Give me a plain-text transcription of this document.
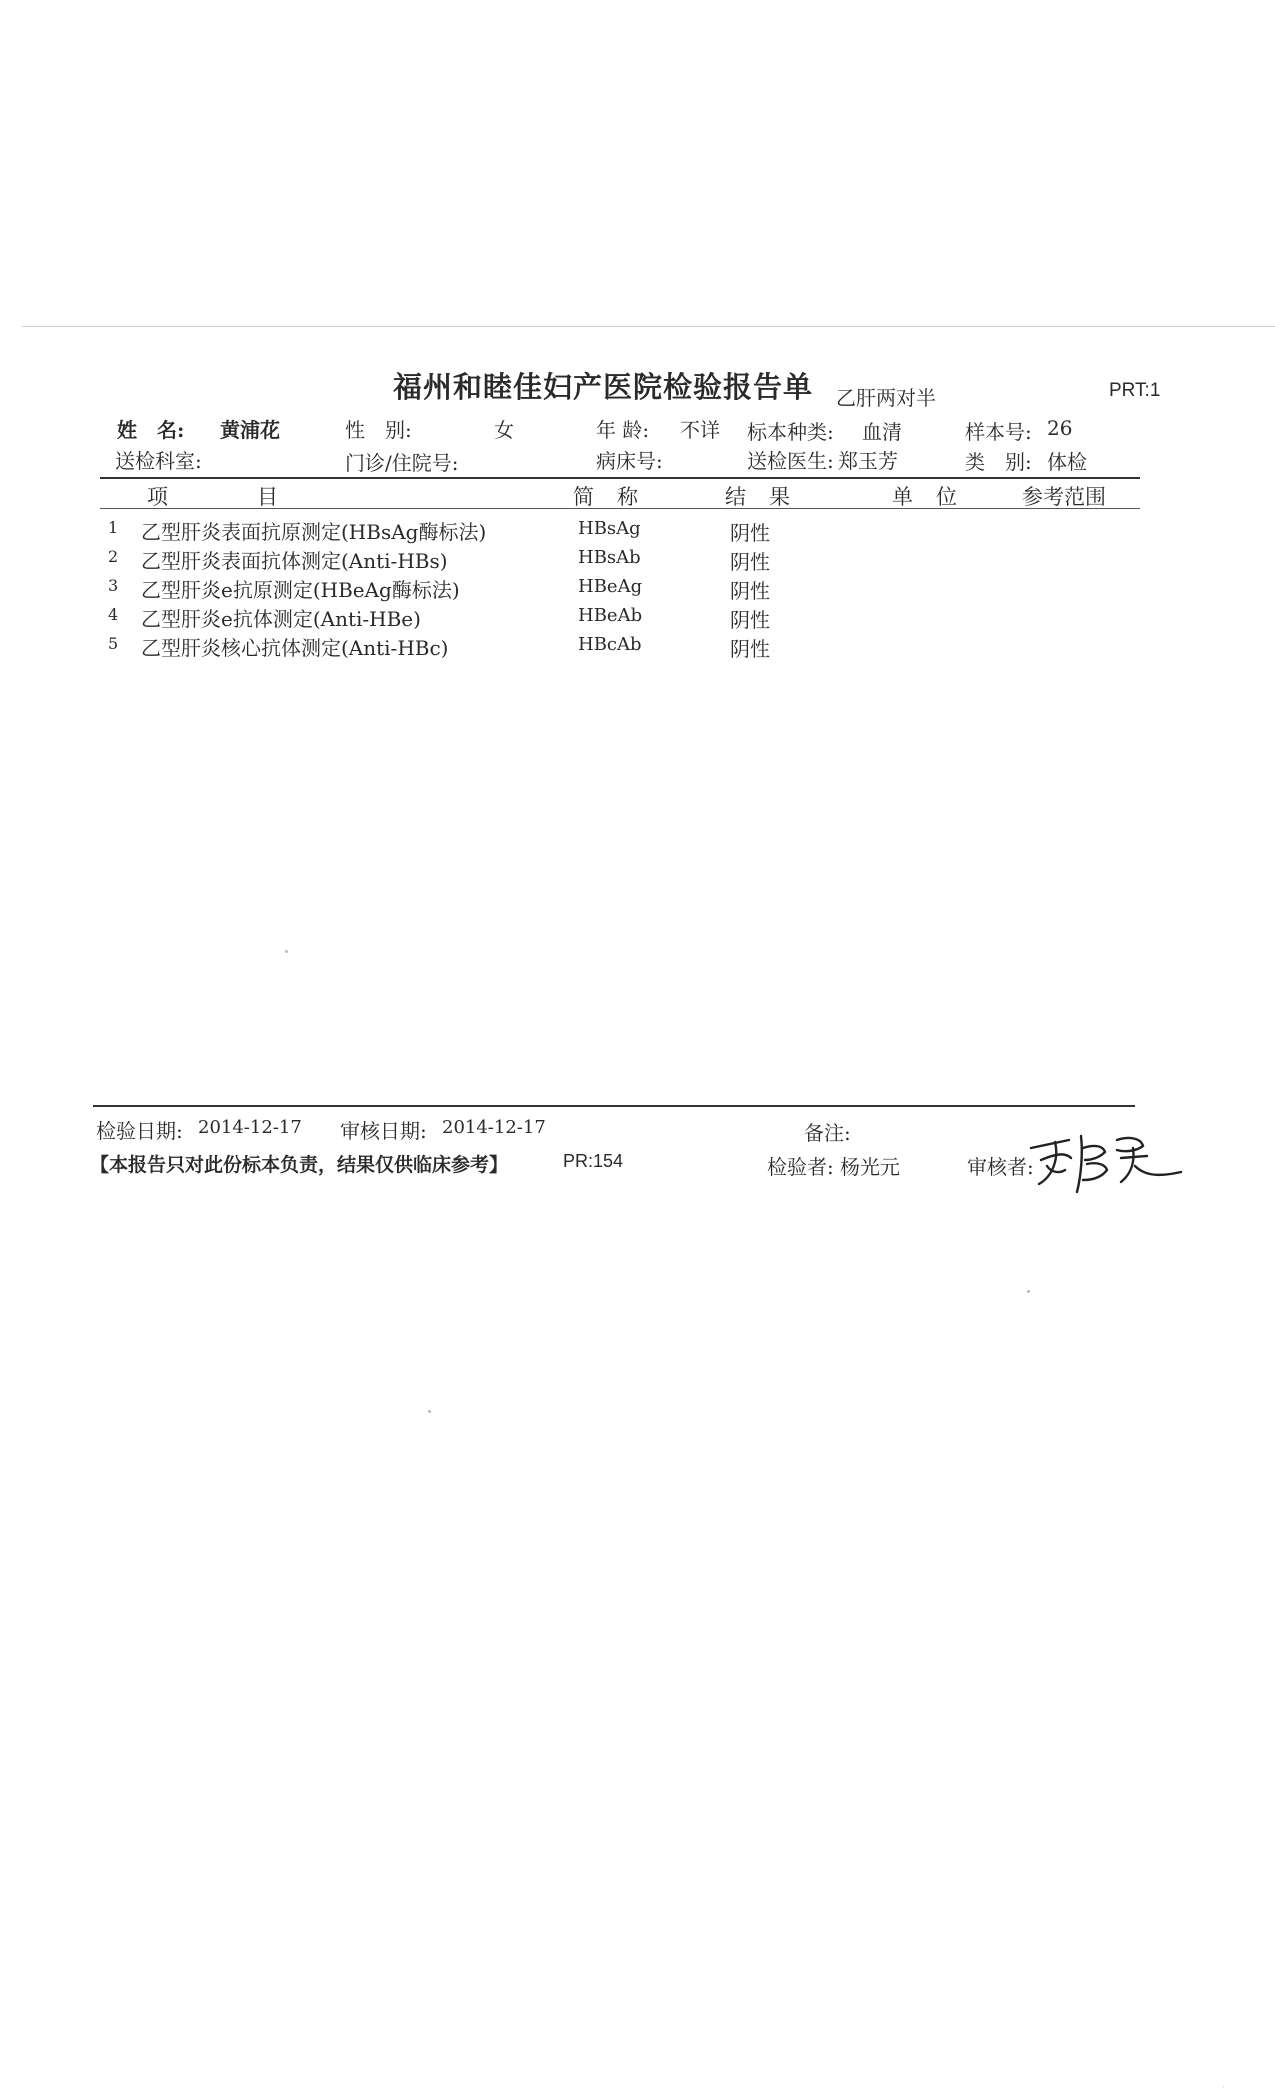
福州和睦佳妇产医院检验报告单 乙肝两对半	PRT:1
姓　名: 黄浦花	性　别:	女	年 龄: 不详 标本种类: 血清	样本号: 26
送检科室:	门诊/住院号:	病床号:	送检医生: 郑玉芳	类　别: 体检
项　　　　目	简　称	结　果	单　位	参考范围
1 乙型肝炎表面抗原测定(HBsAg酶标法)	HBsAg	阴性
2 乙型肝炎表面抗体测定(Anti-HBs)	HBsAb	阴性
3 乙型肝炎e抗原测定(HBeAg酶标法)	HBeAg	阴性
4 乙型肝炎e抗体测定(Anti-HBe)	HBeAb	阴性
5 乙型肝炎核心抗体测定(Anti-HBc)	HBcAb	阴性
检验日期: 2014-12-17 审核日期: 2014-12-17	备注:
【本报告只对此份标本负责，结果仅供临床参考】	PR:154	检验者: 杨光元	审核者:
·
